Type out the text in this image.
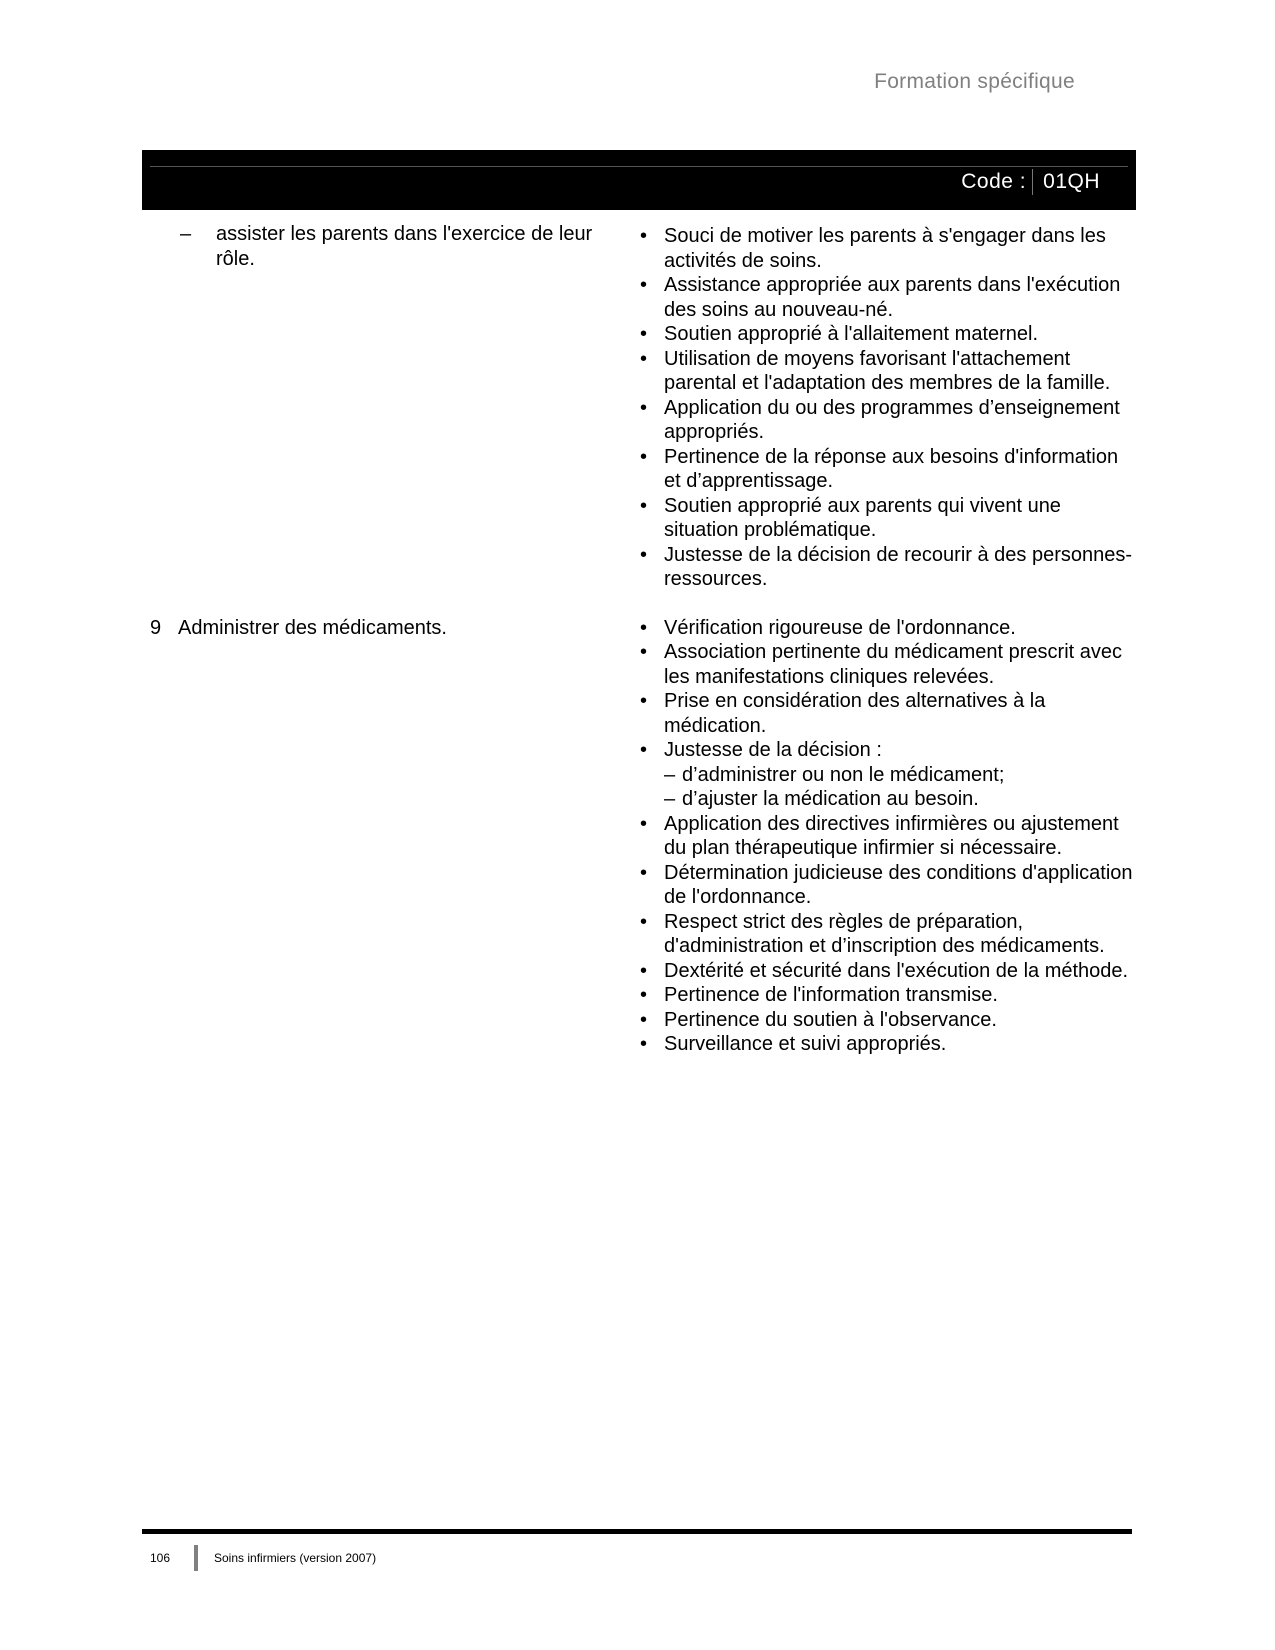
Formation spécifique
Code : 01QH
– assister les parents dans l'exercice de leur rôle.
• Souci de motiver les parents à s'engager dans les activités de soins.
• Assistance appropriée aux parents dans l'exécution des soins au nouveau-né.
• Soutien approprié à l'allaitement maternel.
• Utilisation de moyens favorisant l'attachement parental et l'adaptation des membres de la famille.
• Application du ou des programmes d’enseignement appropriés.
• Pertinence de la réponse aux besoins d'information et d’apprentissage.
• Soutien approprié aux parents qui vivent une situation problématique.
• Justesse de la décision de recourir à des personnes-ressources.
9 Administrer des médicaments.	• Vérification rigoureuse de l'ordonnance.
• Association pertinente du médicament prescrit avec les manifestations cliniques relevées.
• Prise en considération des alternatives à la médication.
• Justesse de la décision :
– d’administrer ou non le médicament;
– d’ajuster la médication au besoin.
• Application des directives infirmières ou ajustement du plan thérapeutique infirmier si nécessaire.
• Détermination judicieuse des conditions d'application de l'ordonnance.
• Respect strict des règles de préparation, d'administration et d’inscription des médicaments.
• Dextérité et sécurité dans l'exécution de la méthode.
• Pertinence de l'information transmise.
• Pertinence du soutien à l'observance.
• Surveillance et suivi appropriés.
106	Soins infirmiers (version 2007)
